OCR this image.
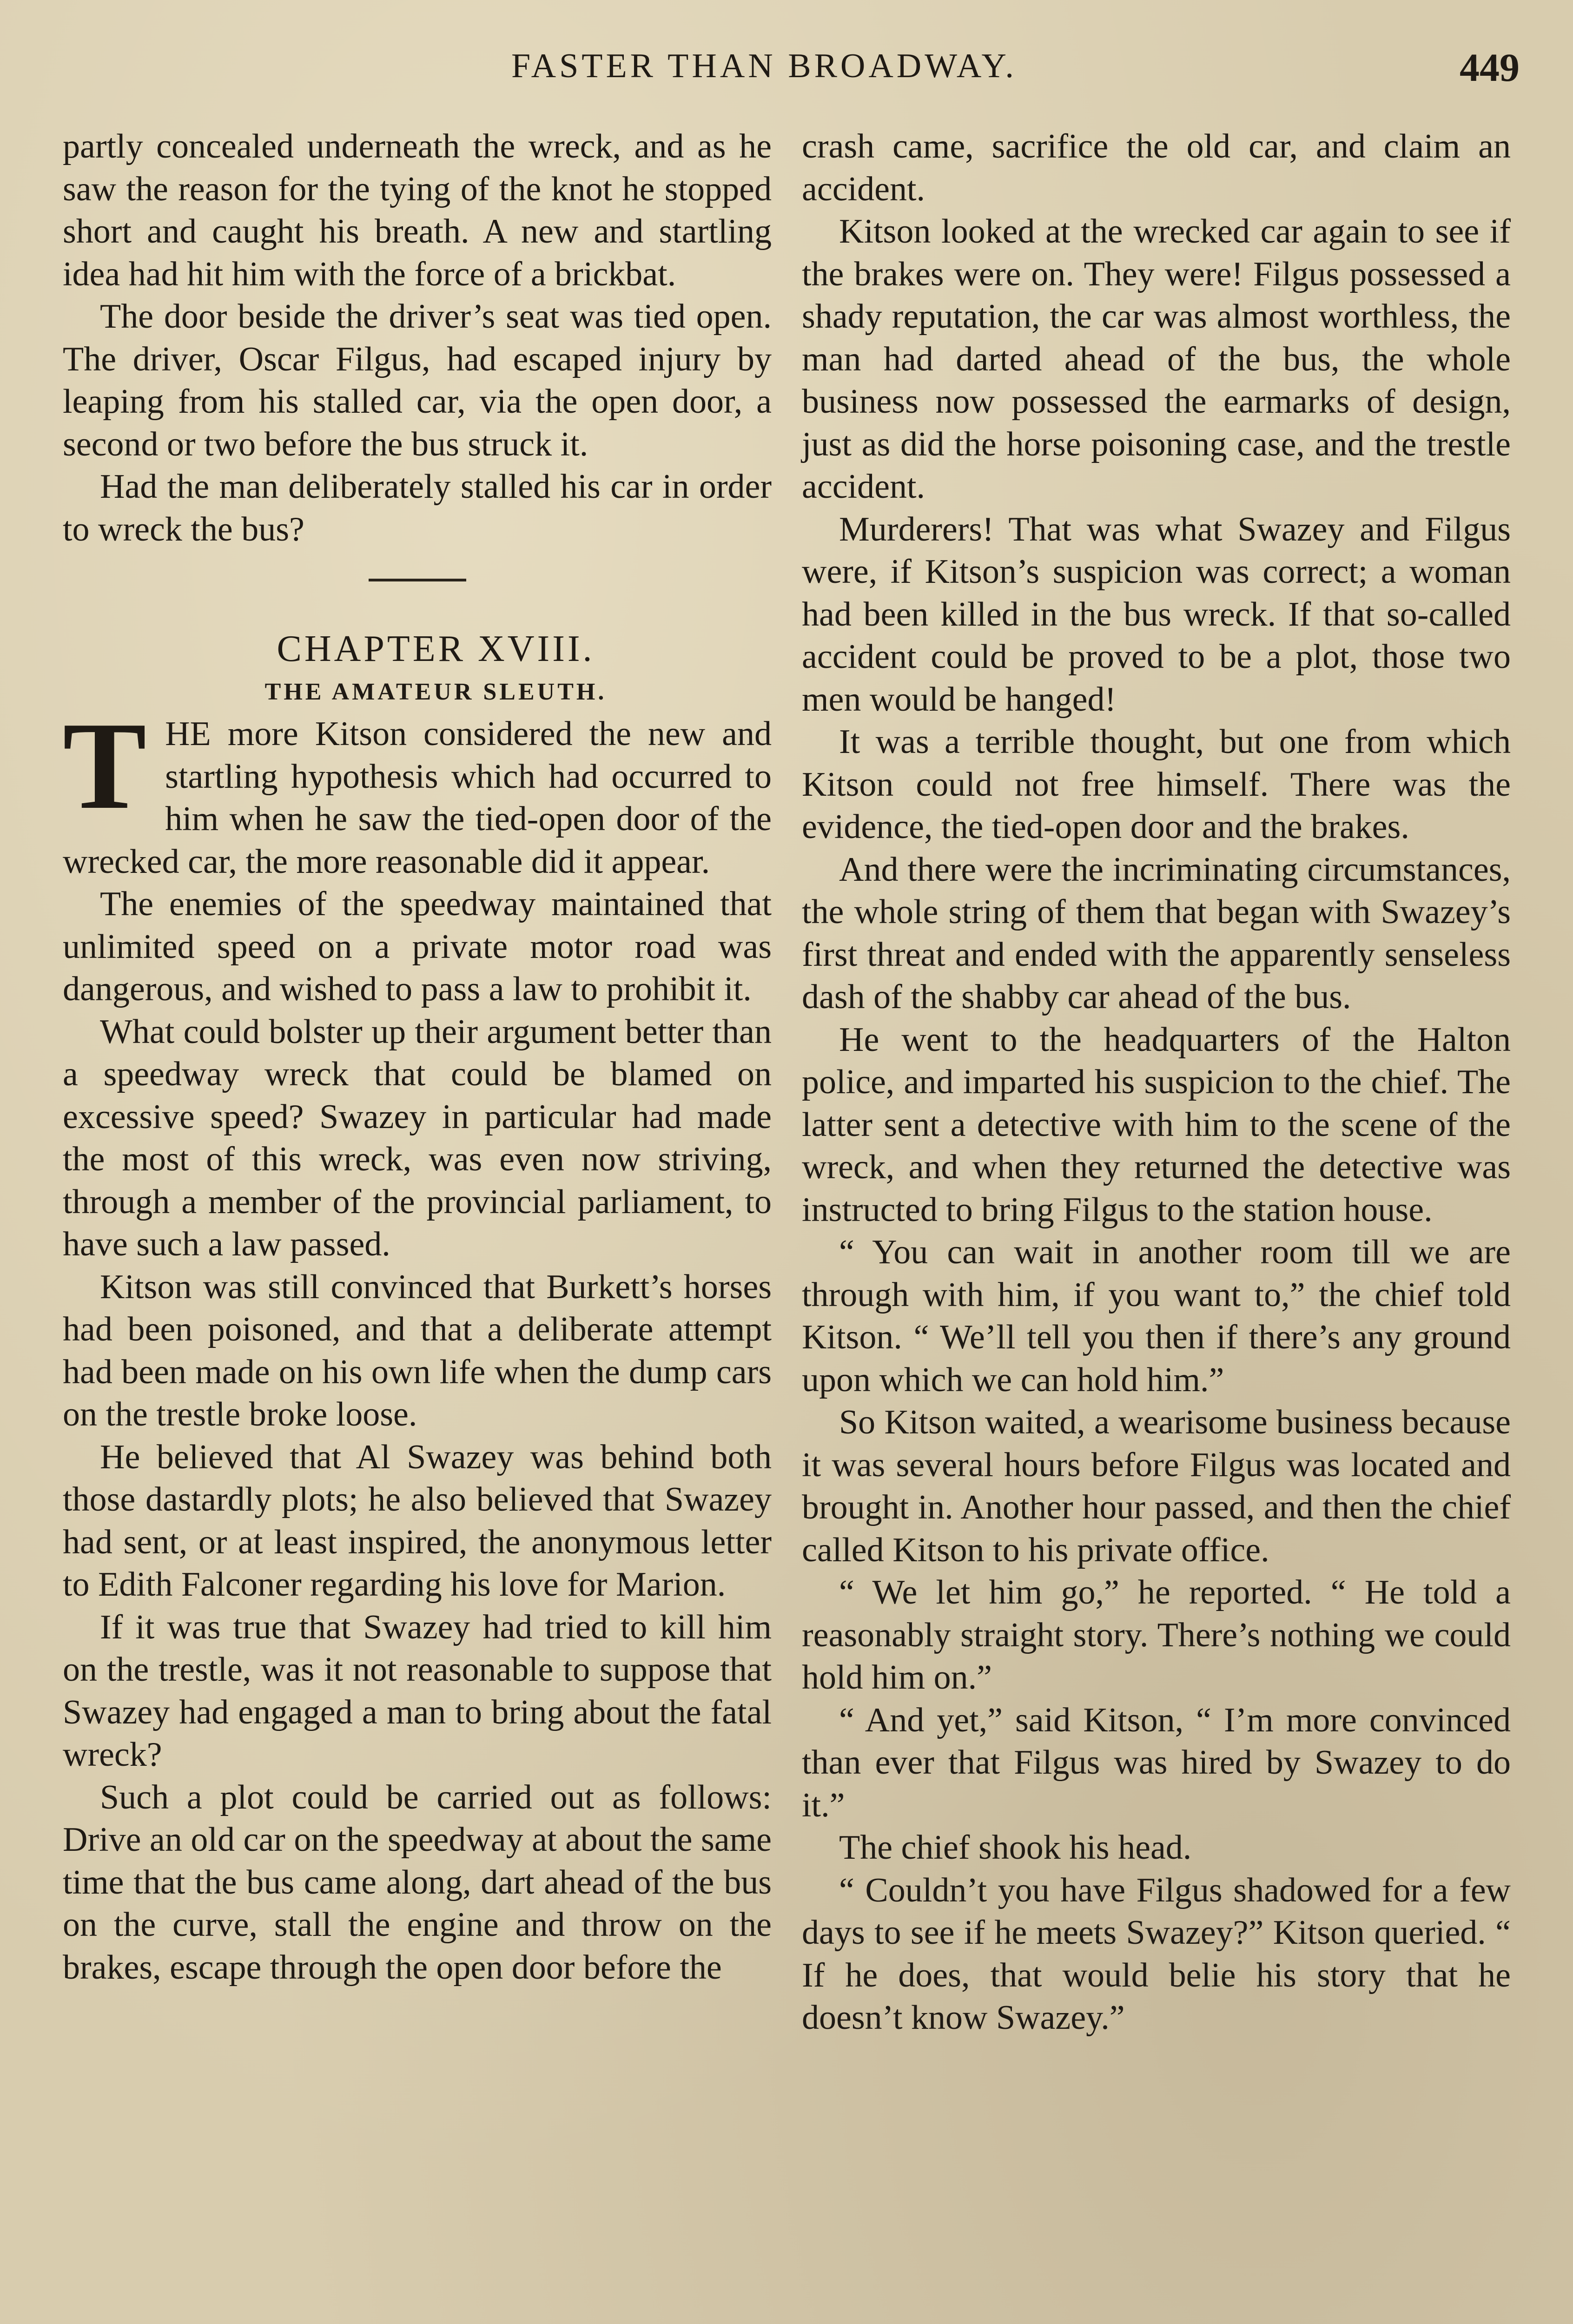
FASTER THAN BROADWAY.	449

partly concealed underneath the wreck, and as he saw the reason for the tying of the knot he stopped short and caught his breath. A new and startling idea had hit him with the force of a brickbat.

The door beside the driver’s seat was tied open. The driver, Oscar Filgus, had escaped injury by leaping from his stalled car, via the open door, a second or two before the bus struck it.

Had the man deliberately stalled his car in order to wreck the bus?

CHAPTER XVIII.

THE AMATEUR SLEUTH.

THE more Kitson considered the new and startling hypothesis which had occurred to him when he saw the tied-open door of the wrecked car, the more reasonable did it appear.

The enemies of the speedway maintained that unlimited speed on a private motor road was dangerous, and wished to pass a law to prohibit it.

What could bolster up their argument better than a speedway wreck that could be blamed on excessive speed? Swazey in particular had made the most of this wreck, was even now striving, through a member of the provincial parliament, to have such a law passed.

Kitson was still convinced that Burkett’s horses had been poisoned, and that a deliberate attempt had been made on his own life when the dump cars on the trestle broke loose.

He believed that Al Swazey was behind both those dastardly plots; he also believed that Swazey had sent, or at least inspired, the anonymous letter to Edith Falconer regarding his love for Marion.

If it was true that Swazey had tried to kill him on the trestle, was it not reasonable to suppose that Swazey had engaged a man to bring about the fatal wreck?

Such a plot could be carried out as follows: Drive an old car on the speedway at about the same time that the bus came along, dart ahead of the bus on the curve, stall the engine and throw on the brakes, escape through the open door before the

crash came, sacrifice the old car, and claim an accident.

Kitson looked at the wrecked car again to see if the brakes were on. They were! Filgus possessed a shady reputation, the car was almost worthless, the man had darted ahead of the bus, the whole business now possessed the earmarks of design, just as did the horse poisoning case, and the trestle accident.

Murderers! That was what Swazey and Filgus were, if Kitson’s suspicion was correct; a woman had been killed in the bus wreck. If that so-called accident could be proved to be a plot, those two men would be hanged!

It was a terrible thought, but one from which Kitson could not free himself. There was the evidence, the tied-open door and the brakes.

And there were the incriminating circumstances, the whole string of them that began with Swazey’s first threat and ended with the apparently senseless dash of the shabby car ahead of the bus.

He went to the headquarters of the Halton police, and imparted his suspicion to the chief. The latter sent a detective with him to the scene of the wreck, and when they returned the detective was instructed to bring Filgus to the station house.

“ You can wait in another room till we are through with him, if you want to,” the chief told Kitson. “ We’ll tell you then if there’s any ground upon which we can hold him.”

So Kitson waited, a wearisome business because it was several hours before Filgus was located and brought in. Another hour passed, and then the chief called Kitson to his private office.

“ We let him go,” he reported. “ He told a reasonably straight story. There’s nothing we could hold him on.”

“ And yet,” said Kitson, “ I’m more convinced than ever that Filgus was hired by Swazey to do it.”

The chief shook his head.

“ Couldn’t you have Filgus shadowed for a few days to see if he meets Swazey?” Kitson queried. “ If he does, that would belie his story that he doesn’t know Swazey.”
